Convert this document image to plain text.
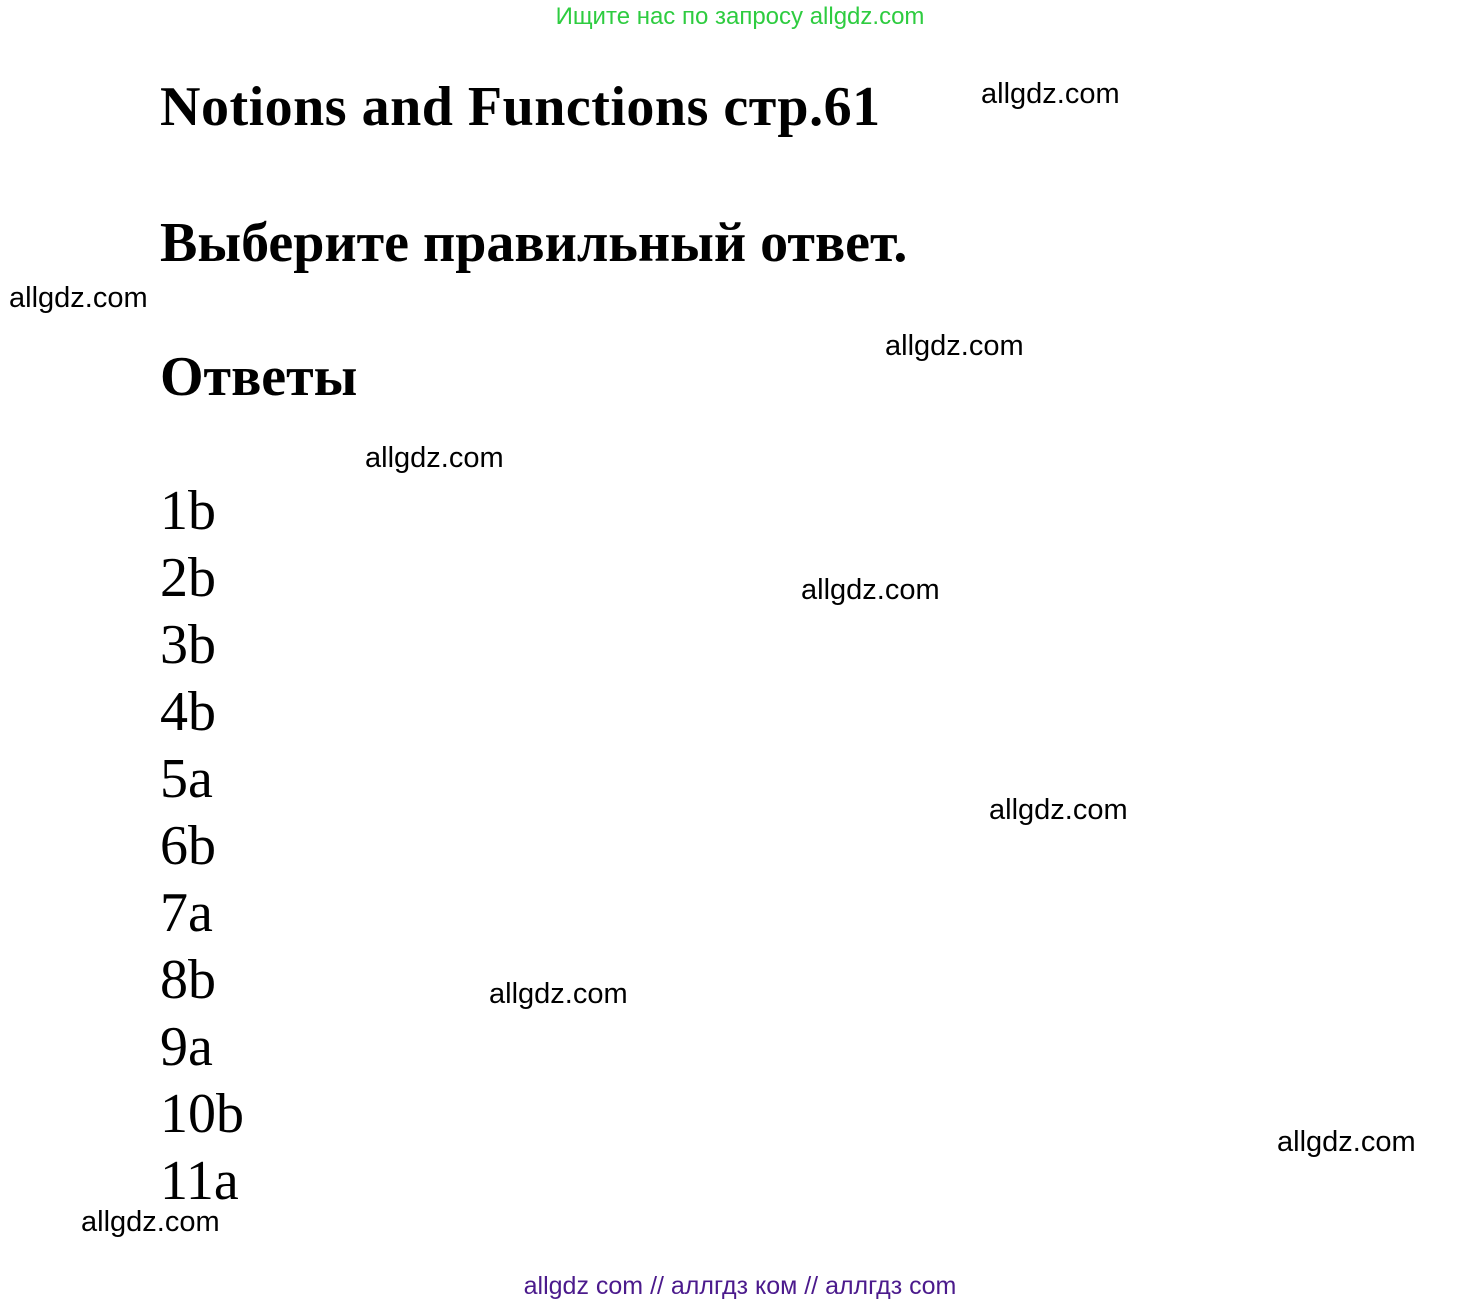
Ищите нас по запросу allgdz.com
Notions and Functions стр.61
Выберите правильный ответ.
Ответы
1b
2b
3b
4b
5a
6b
7a
8b
9a
10b
11a
allgdz.com
allgdz.com
allgdz.com
allgdz.com
allgdz.com
allgdz.com
allgdz.com
allgdz.com
allgdz.com
allgdz com // аллгдз ком // аллгдз com
